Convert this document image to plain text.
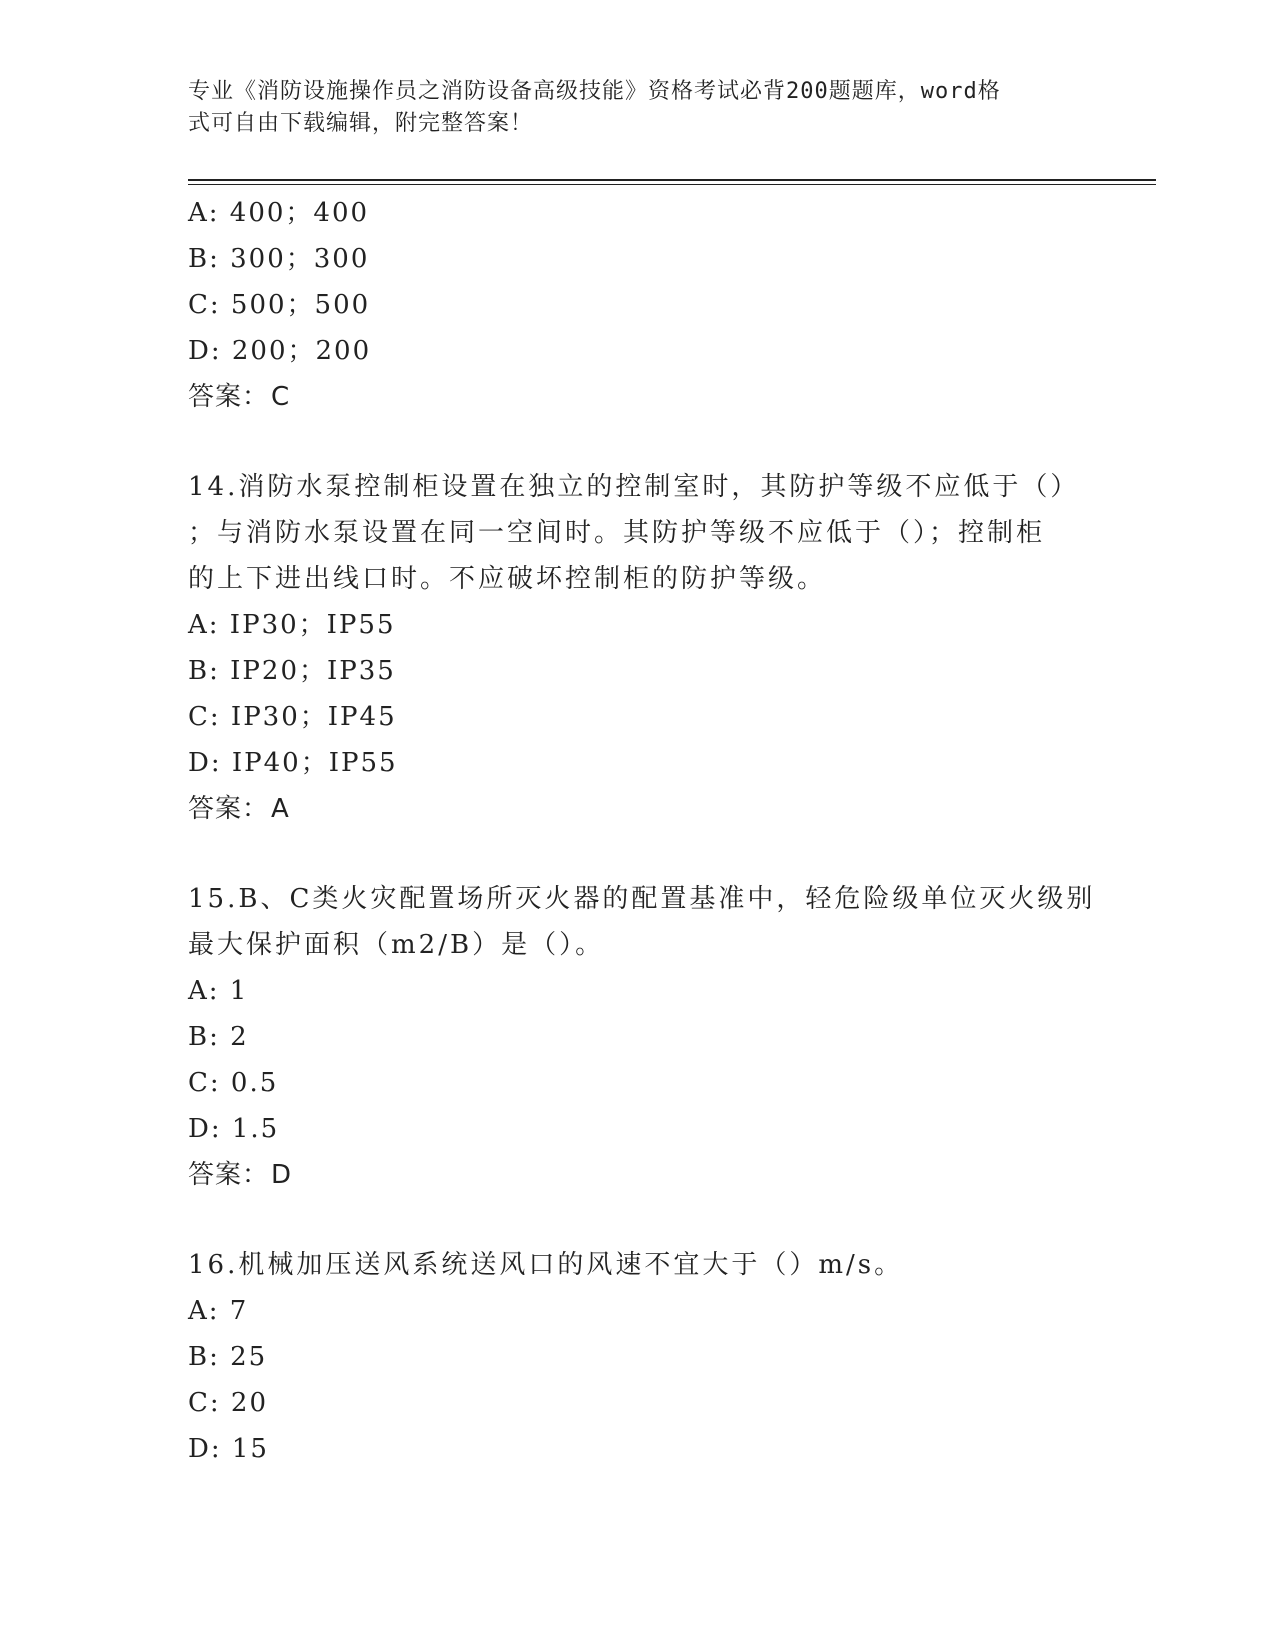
专业《消防设施操作员之消防设备高级技能》资格考试必背200题题库，word格
式可自由下载编辑，附完整答案！
A: 400；400
B: 300；300
C: 500；500
D: 200；200
答案：C
14.消防水泵控制柜设置在独立的控制室时，其防护等级不应低于（）
；与消防水泵设置在同一空间时。其防护等级不应低于（）；控制柜
的上下进出线口时。不应破坏控制柜的防护等级。
A: IP30；IP55
B: IP20；IP35
C: IP30；IP45
D: IP40；IP55
答案：A
15.B、C类火灾配置场所灭火器的配置基准中，轻危险级单位灭火级别
最大保护面积（m2/B）是（）。
A: 1
B: 2
C: 0.5
D: 1.5
答案：D
16.机械加压送风系统送风口的风速不宜大于（）m/s。
A: 7
B: 25
C: 20
D: 15
